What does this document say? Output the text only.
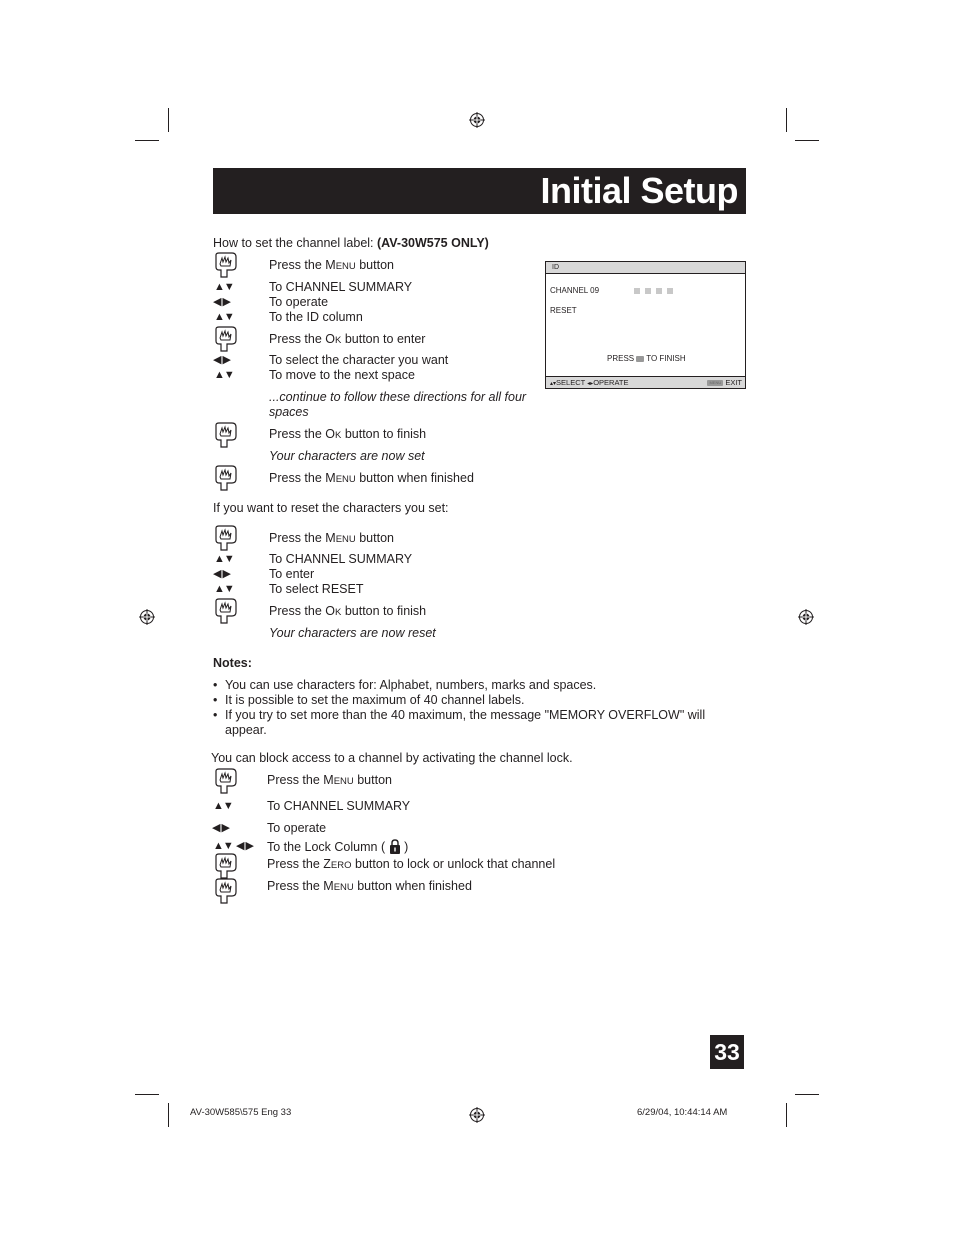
Initial Setup
How to set the channel label: (AV-30W575 ONLY)
Press the MENU button
▲▼	To CHANNEL SUMMARY
◀ ▶	To operate
▲▼	To the ID column
Press the OK button to enter
◀ ▶	To select the character you want
▲▼	To move to the next space
...continue to follow these directions for all four
spaces
Press the OK button to finish
Your characters are now set
Press the MENU button when finished
ID
CHANNEL 09
RESET
PRESS OK TO FINISH
▴▾SELECT ◂▸OPERATE	MENU EXIT
If you want to reset the characters you set:
Press the MENU button
▲▼	To CHANNEL SUMMARY
◀ ▶	To enter
▲▼	To select RESET
Press the OK button to finish
Your characters are now reset
Notes:
• You can use characters for: Alphabet, numbers, marks and spaces.
• It is possible to set the maximum of 40 channel labels.
• If you try to set more than the 40 maximum, the message "MEMORY OVERFLOW" will
appear.
You can block access to a channel by activating the channel lock.
Press the MENU button
▲▼	To CHANNEL SUMMARY
◀ ▶	To operate
▲▼ ◀ ▶ To the Lock Column ( )
Press the ZERO button to lock or unlock that channel
Press the MENU button when finished
33
AV-30W585\575 Eng 33	6/29/04, 10:44:14 AM
